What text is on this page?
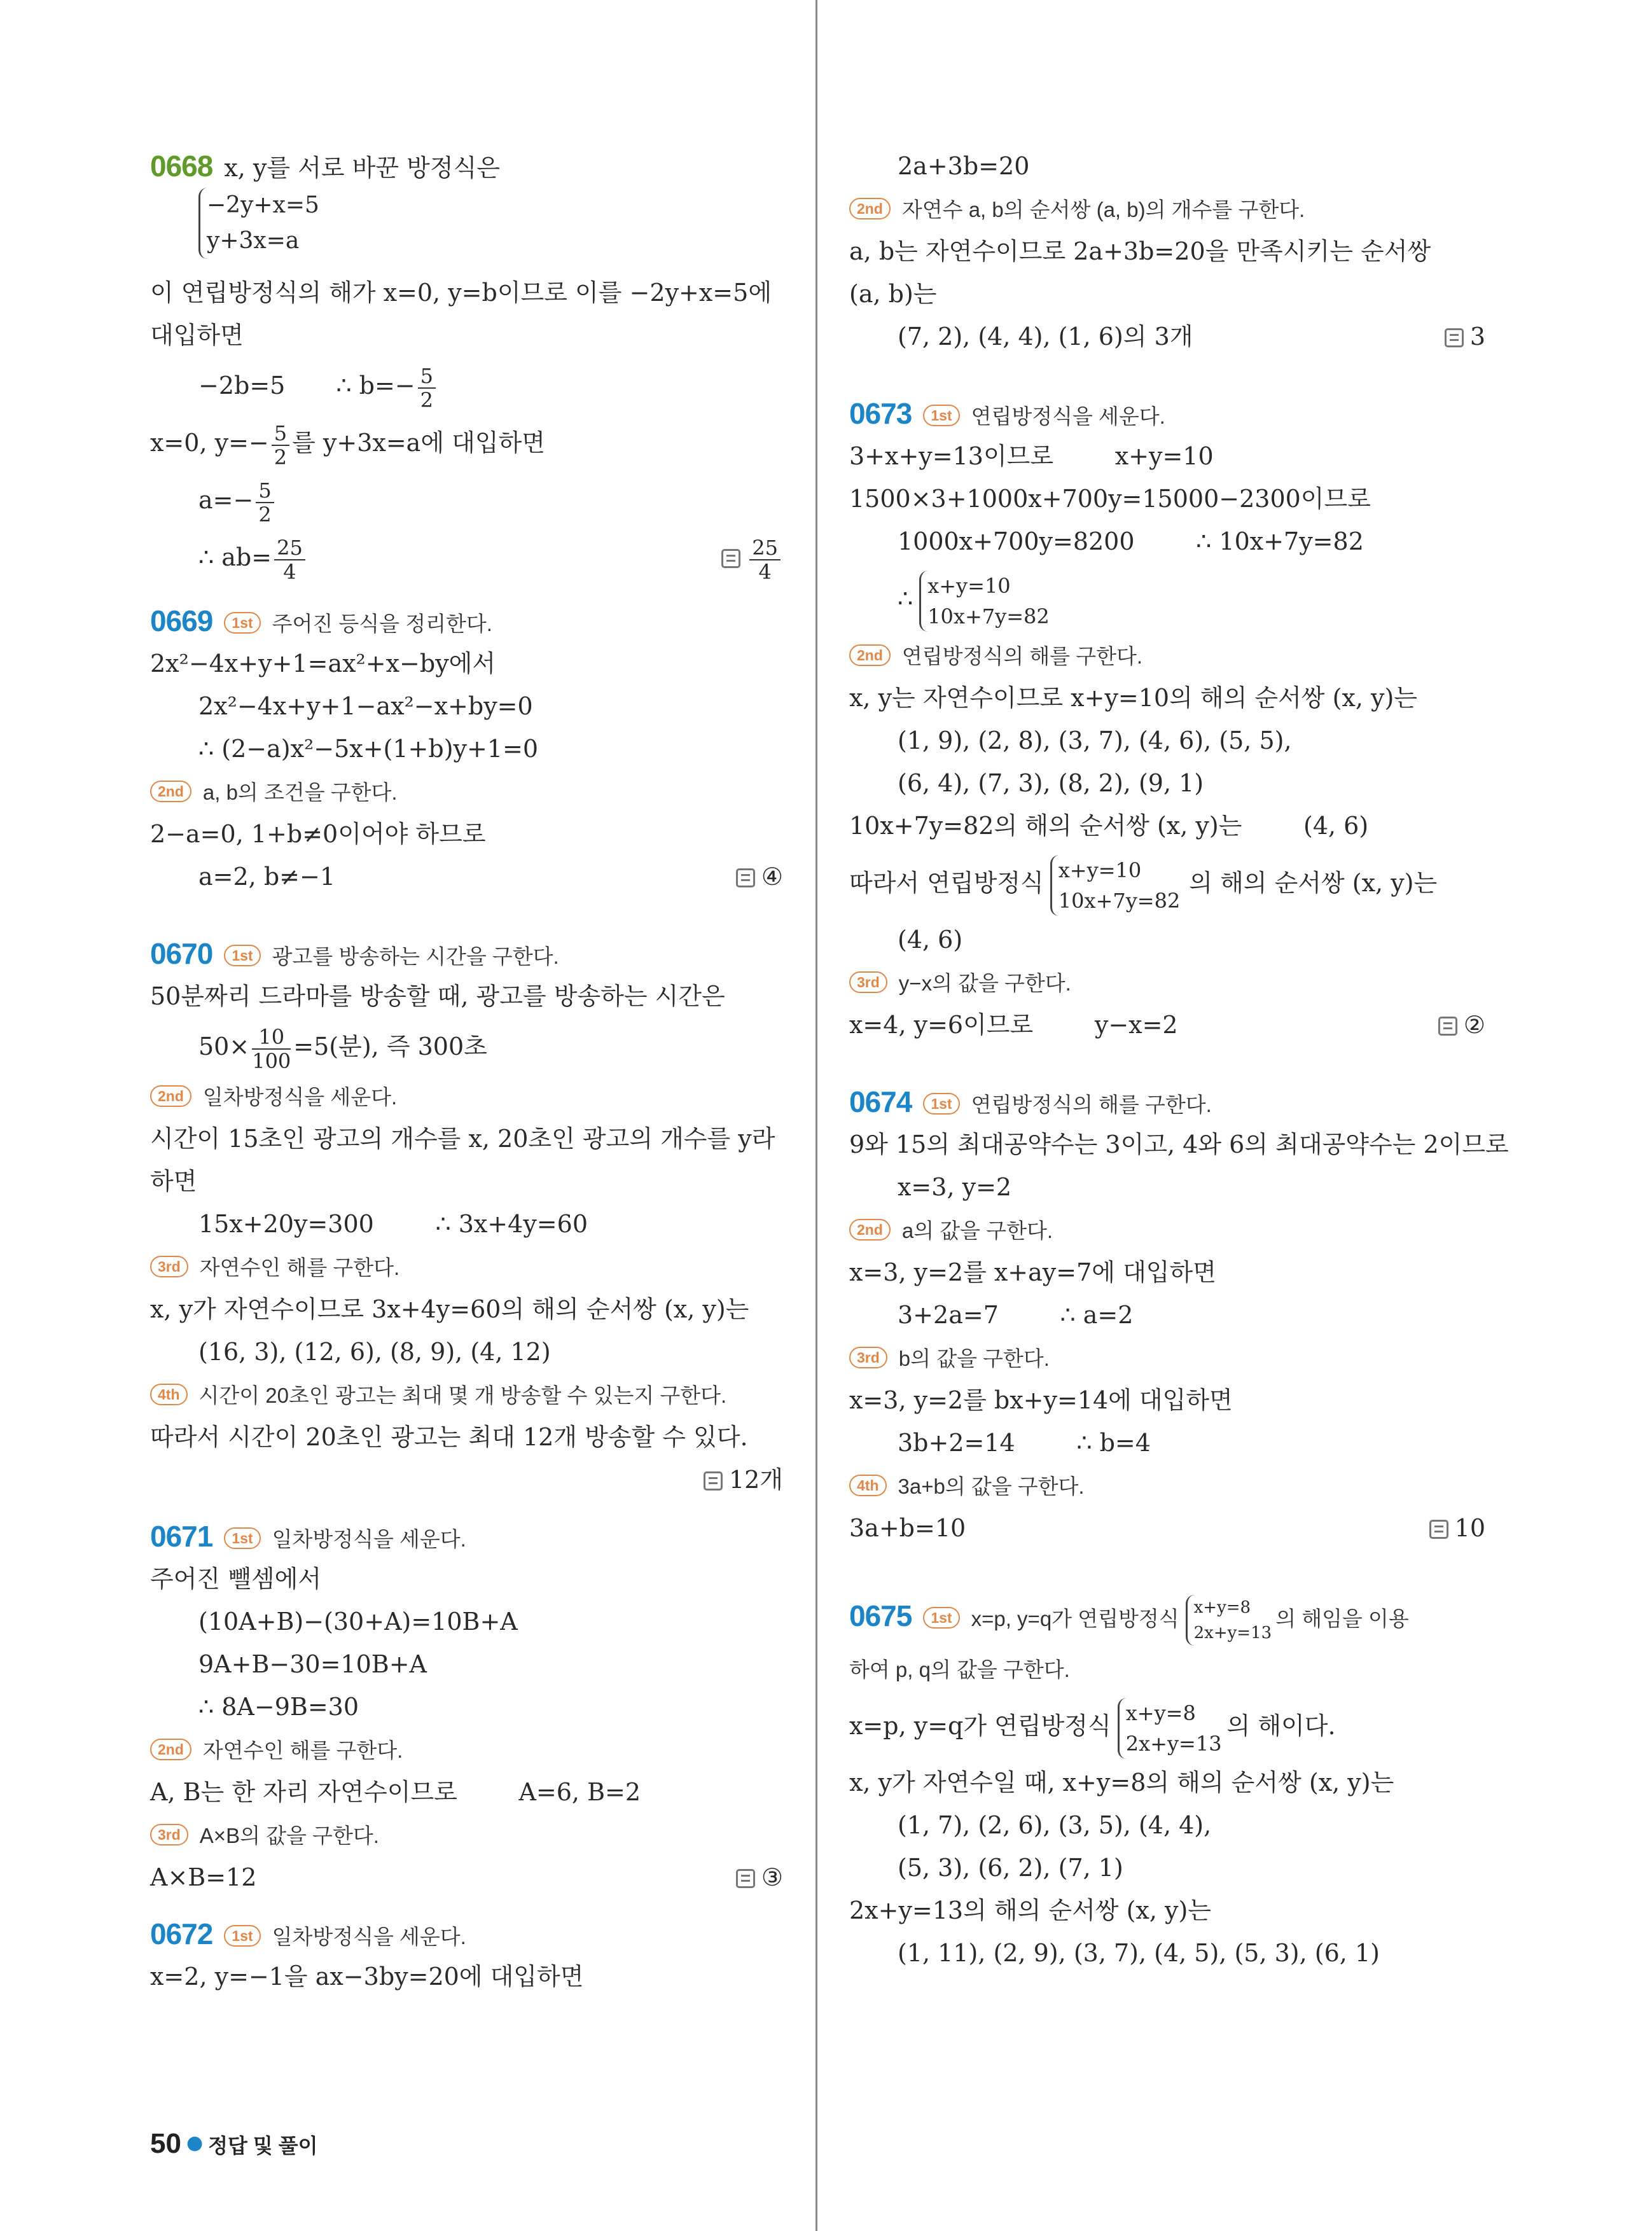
0668 x, y를 서로 바꾼 방정식은
−2y+x=5
y+3x=a
이 연립방정식의 해가 x=0, y=b이므로 이를 −2y+x=5에
대입하면
−2b=5 ∴ $b=- \frac{5}{2}$
x=0, $y=- \frac{5}{2}$ 를 y+3x=a에 대입하면
$a=- \frac{5}{2}$
∴ $ab= \frac{25}{4}$	$\frac{25}{4}$
0669 1st 주어진 등식을 정리한다.
2x²−4x+y+1=ax²+x−by에서
2x²−4x+y+1−ax²−x+by=0
∴ (2−a)x²−5x+(1+b)y+1=0
2nd a, b의 조건을 구한다.
2−a=0, 1+b≠0이어야 하므로
a=2, b≠−1	④
0670 1st 광고를 방송하는 시간을 구한다.
50분짜리 드라마를 방송할 때, 광고를 방송하는 시간은
$50\times \frac{10}{100} =5$(분), 즉 300초
2nd 일차방정식을 세운다.
시간이 15초인 광고의 개수를 x, 20초인 광고의 개수를 y라
하면
15x+20y=300        ∴ 3x+4y=60
3rd 자연수인 해를 구한다.
x, y가 자연수이므로 3x+4y=60의 해의 순서쌍 (x, y)는
(16, 3), (12, 6), (8, 9), (4, 12)
4th 시간이 20초인 광고는 최대 몇 개 방송할 수 있는지 구한다.
따라서 시간이 20초인 광고는 최대 12개 방송할 수 있다.
12개
0671 1st 일차방정식을 세운다.
주어진 뺄셈에서
(10A+B)−(30+A)=10B+A
9A+B−30=10B+A
∴ 8A−9B=30
2nd 자연수인 해를 구한다.
A, B는 한 자리 자연수이므로        A=6, B=2
3rd A×B의 값을 구한다.
A×B=12	③
0672 1st 일차방정식을 세운다.
x=2, y=−1을 ax−3by=20에 대입하면
2a+3b=20
2nd 자연수 a, b의 순서쌍 (a, b)의 개수를 구한다.
a, b는 자연수이므로 2a+3b=20을 만족시키는 순서쌍
(a, b)는
(7, 2), (4, 4), (1, 6)의 3개	3
0673 1st 연립방정식을 세운다.
3+x+y=13이므로        x+y=10
1500×3+1000x+700y=15000−2300이므로
1000x+700y=8200        ∴ 10x+7y=82
∴ x+y=10
10x+7y=82
2nd 연립방정식의 해를 구한다.
x, y는 자연수이므로 x+y=10의 해의 순서쌍 (x, y)는
(1, 9), (2, 8), (3, 7), (4, 6), (5, 5),
(6, 4), (7, 3), (8, 2), (9, 1)
10x+7y=82의 해의 순서쌍 (x, y)는        (4, 6)
따라서 연립방정식 x+y=10
10x+7y=82
의 해의 순서쌍 (x, y)는
(4, 6)
3rd y−x의 값을 구한다.
x=4, y=6이므로        y−x=2	②
0674 1st 연립방정식의 해를 구한다.
9와 15의 최대공약수는 3이고, 4와 6의 최대공약수는 2이므로
x=3, y=2
2nd a의 값을 구한다.
x=3, y=2를 x+ay=7에 대입하면
3+2a=7        ∴ a=2
3rd b의 값을 구한다.
x=3, y=2를 bx+y=14에 대입하면
3b+2=14        ∴ b=4
4th 3a+b의 값을 구한다.
3a+b=10	10
0675 1st x=p, y=q가 연립방정식 x+y=8
2x+y=13
의 해임을 이용
하여 p, q의 값을 구한다.
x=p, y=q가 연립방정식 x+y=8
2x+y=13
의 해이다.
x, y가 자연수일 때, x+y=8의 해의 순서쌍 (x, y)는
(1, 7), (2, 6), (3, 5), (4, 4),
(5, 3), (6, 2), (7, 1)
2x+y=13의 해의 순서쌍 (x, y)는
(1, 11), (2, 9), (3, 7), (4, 5), (5, 3), (6, 1)
50 ● 정답 및 풀이
